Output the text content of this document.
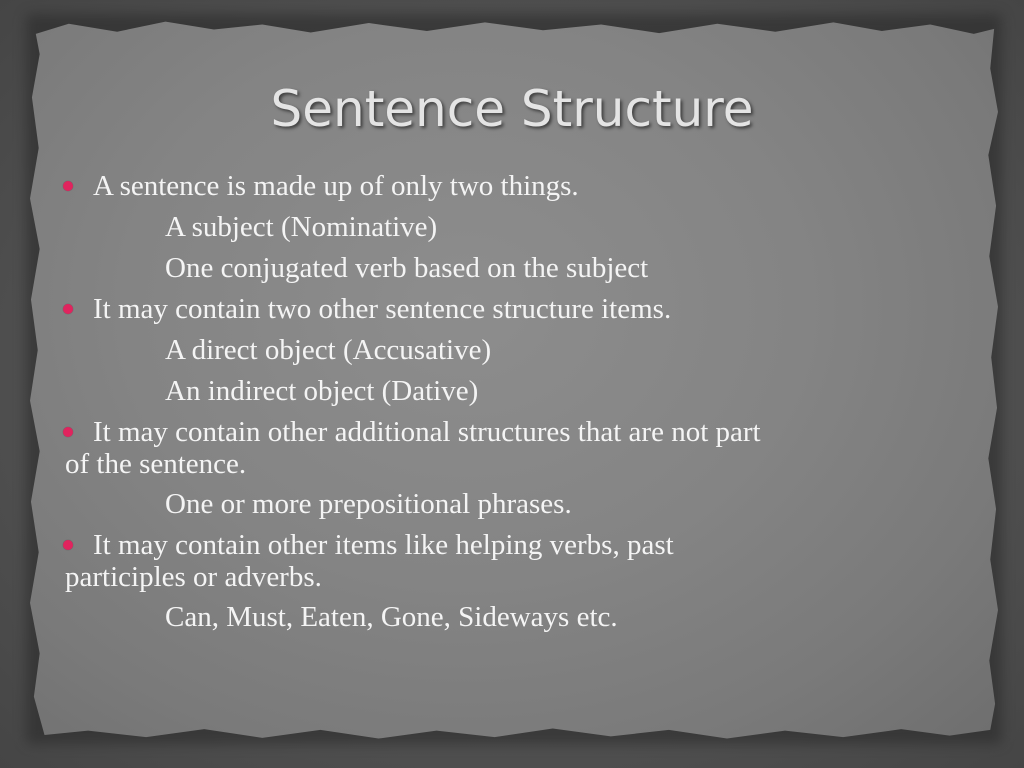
Sentence Structure
A sentence is made up of only two things.
A subject (Nominative)
One conjugated verb based on the subject
It may contain two other sentence structure items.
A direct object (Accusative)
An indirect object (Dative)
It may contain other additional structures that are not part
of the sentence.
One or more prepositional phrases.
It may contain other items like helping verbs, past
participles or adverbs.
Can, Must, Eaten, Gone, Sideways etc.
